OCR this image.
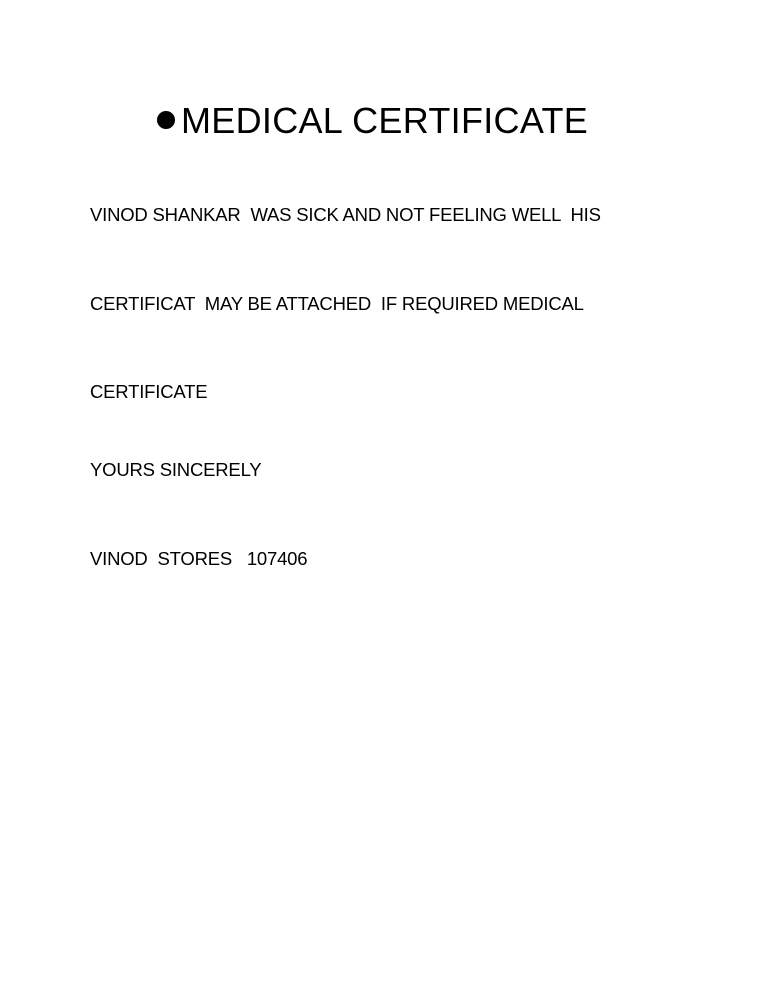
MEDICAL CERTIFICATE
VINOD SHANKAR  WAS SICK AND NOT FEELING WELL  HIS
CERTIFICAT  MAY BE ATTACHED  IF REQUIRED MEDICAL
CERTIFICATE
YOURS SINCERELY
VINOD  STORES   107406
